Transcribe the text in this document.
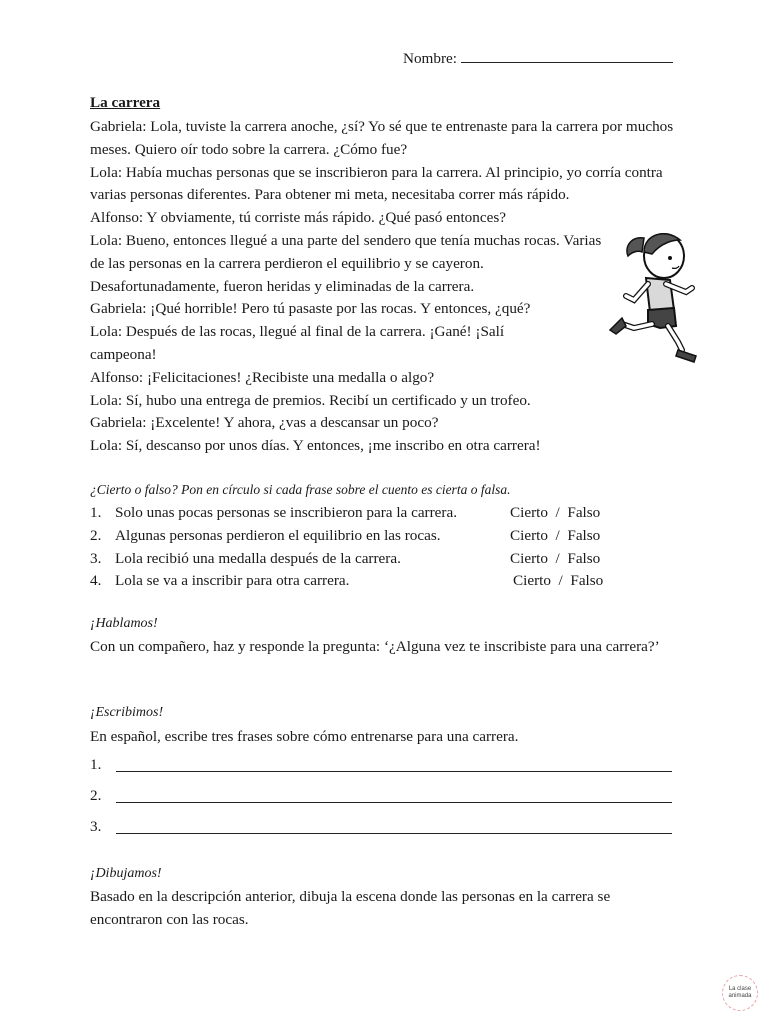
Nombre:
La carrera

Gabriela: Lola, tuviste la carrera anoche, ¿sí? Yo sé que te entrenaste para la carrera por muchos meses. Quiero oír todo sobre la carrera. ¿Cómo fue?

Lola: Había muchas personas que se inscribieron para la carrera. Al principio, yo corría contra varias personas diferentes. Para obtener mi meta, necesitaba correr más rápido.

Alfonso: Y obviamente, tú corriste más rápido. ¿Qué pasó entonces?

Lola: Bueno, entonces llegué a una parte del sendero que tenía muchas rocas. Varias de las personas en la carrera perdieron el equilibrio y se cayeron. Desafortunadamente, fueron heridas y eliminadas de la carrera.

Gabriela: ¡Qué horrible! Pero tú pasaste por las rocas. Y entonces, ¿qué?

Lola: Después de las rocas, llegué al final de la carrera. ¡Gané! ¡Salí campeona!

Alfonso: ¡Felicitaciones! ¿Recibiste una medalla o algo?

Lola: Sí, hubo una entrega de premios. Recibí un certificado y un trofeo.

Gabriela: ¡Excelente! Y ahora, ¿vas a descansar un poco?

Lola: Sí, descanso por unos días. Y entonces, ¡me inscribo en otra carrera!

¿Cierto o falso? Pon en círculo si cada frase sobre el cuento es cierta o falsa.
1. Solo unas pocas personas se inscribieron para la carrera.	Cierto  /  Falso
2. Algunas personas perdieron el equilibrio en las rocas.	Cierto  /  Falso
3. Lola recibió una medalla después de la carrera.	Cierto  /  Falso
4. Lola se va a inscribir para otra carrera.	Cierto  /  Falso
¡Hablamos!

Con un compañero, haz y responde la pregunta: ‘¿Alguna vez te inscribiste para una carrera?’

¡Escribimos!

En español, escribe tres frases sobre cómo entrenarse para una carrera.

1.
2.
3.
¡Dibujamos!

Basado en la descripción anterior, dibuja la escena donde las personas en la carrera se encontraron con las rocas.

La clase
animada
